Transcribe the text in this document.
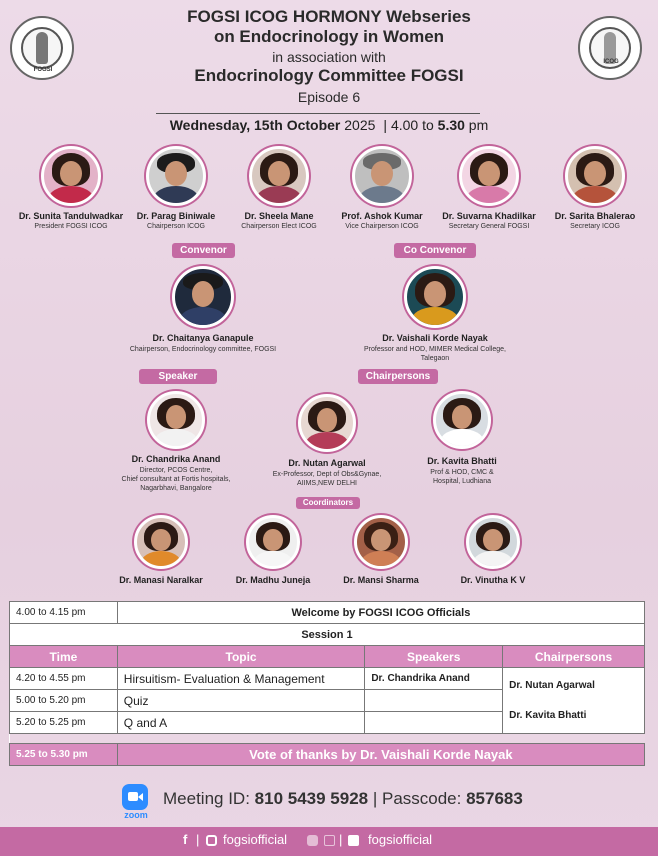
FOGSI
ICOG
FOGSI ICOG HORMONY Webseries
on Endocrinology in Women
in association with
Endocrinology Committee FOGSI
Episode 6
Wednesday, 15th October 2025 | 4.00 to 5.30 pm
Dr. Sunita Tandulwadkar
President FOGSI ICOG
Dr. Parag Biniwale
Chairperson ICOG
Dr. Sheela Mane
Chairperson Elect ICOG
Prof. Ashok Kumar
Vice Chairperson ICOG
Dr. Suvarna Khadilkar
Secretary General FOGSI
Dr. Sarita Bhalerao
Secretary ICOG
Convenor	Co Convenor
Dr. Chaitanya Ganapule
Chairperson, Endocrinology committee, FOGSI
Dr. Vaishali Korde Nayak
Professor and HOD, MIMER Medical College,
Talegaon
Speaker	Chairpersons
Dr. Chandrika Anand
Director, PCOS Centre,
Chief consultant at Fortis hospitals,
Nagarbhavi, Bangalore
Dr. Nutan Agarwal
Ex-Professor, Dept of Obs&Gynae,
AIIMS,NEW DELHI
Dr. Kavita Bhatti
Prof & HOD, CMC &
Hospital, Ludhiana
Coordinators
Dr. Manasi Naralkar	Dr. Madhu Juneja	Dr. Mansi Sharma	Dr. Vinutha K V
4.00 to 4.15 pm	Welcome by FOGSI ICOG Officials		
Session 1			
Time	Topic	Speakers	Chairpersons
4.20 to 4.55 pm	Hirsuitism- Evaluation & Management	Dr. Chandrika Anand	Dr. Nutan Agarwal
Dr. Kavita Bhatti

5.00 to 5.20 pm	Quiz		
5.20 to 5.25 pm	Q and A		

5.25 to 5.30 pm	Vote of thanks by Dr. Vaishali Korde Nayak		
zoom
Meeting ID: 810 5439 5928 | Passcode: 857683
f | fogsiofficial	| fogsiofficial
